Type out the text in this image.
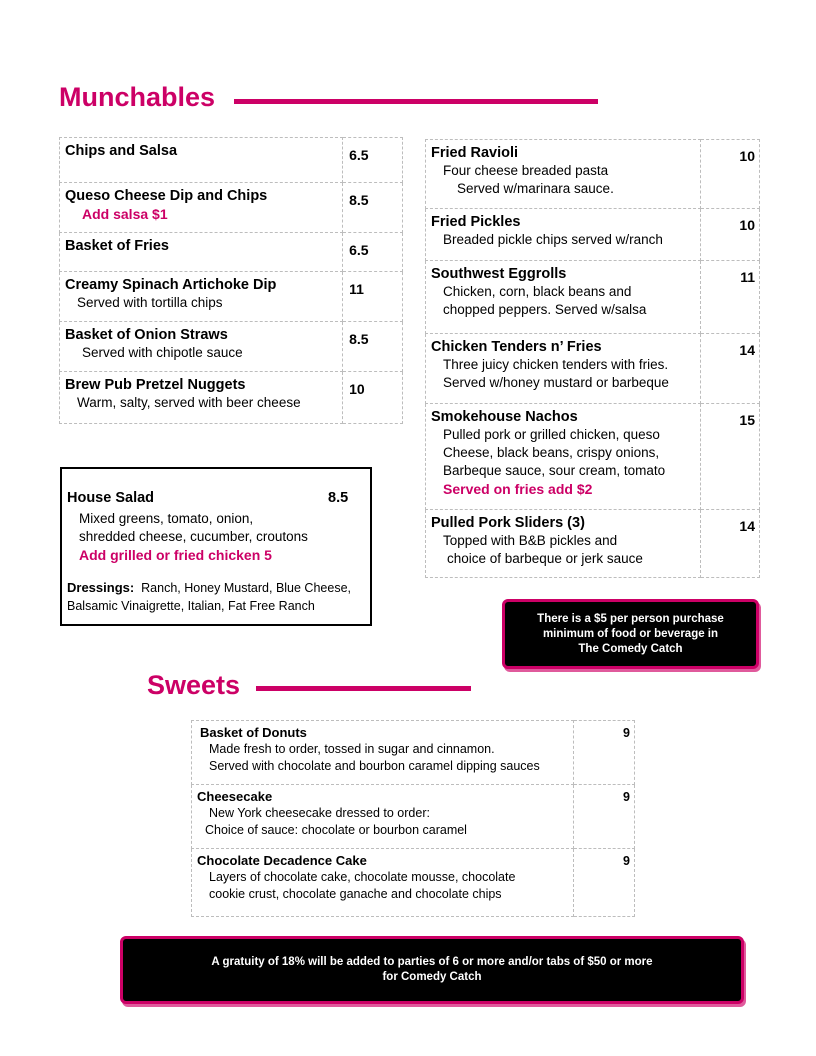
Munchables
Chips and Salsa	6.5

Queso Cheese Dip and Chips
Add salsa $1	8.5

Basket of Fries	6.5

Creamy Spinach Artichoke Dip
Served with tortilla chips	11

Basket of Onion Straws
Served with chipotle sauce	8.5

Brew Pub Pretzel Nuggets
Warm, salty, served with beer cheese	10
Fried Ravioli
Four cheese breaded pasta
Served w/marinara sauce.	10

Fried Pickles
Breaded pickle chips served w/ranch	10

Southwest Eggrolls
Chicken, corn, black beans and
chopped peppers. Served w/salsa	11

Chicken Tenders n’ Fries
Three juicy chicken tenders with fries.
Served w/honey mustard or barbeque	14

Smokehouse Nachos
Pulled pork or grilled chicken, queso
Cheese, black beans, crispy onions,
Barbeque sauce, sour cream, tomato
Served on fries add $2	15

Pulled Pork Sliders (3)
Topped with B&B pickles and
choice of barbeque or jerk sauce	14
House Salad	8.5
Mixed greens, tomato, onion,
shredded cheese, cucumber, croutons
Add grilled or fried chicken 5
Dressings: Ranch, Honey Mustard, Blue Cheese, Balsamic Vinaigrette, Italian, Fat Free Ranch
There is a $5 per person purchase
minimum of food or beverage in
The Comedy Catch
Sweets
Basket of Donuts
Made fresh to order, tossed in sugar and cinnamon.
Served with chocolate and bourbon caramel dipping sauces	9

Cheesecake
New York cheesecake dressed to order:
Choice of sauce: chocolate or bourbon caramel	9

Chocolate Decadence Cake
Layers of chocolate cake, chocolate mousse, chocolate
cookie crust, chocolate ganache and chocolate chips	9
A gratuity of 18% will be added to parties of 6 or more and/or tabs of $50 or more
for Comedy Catch
